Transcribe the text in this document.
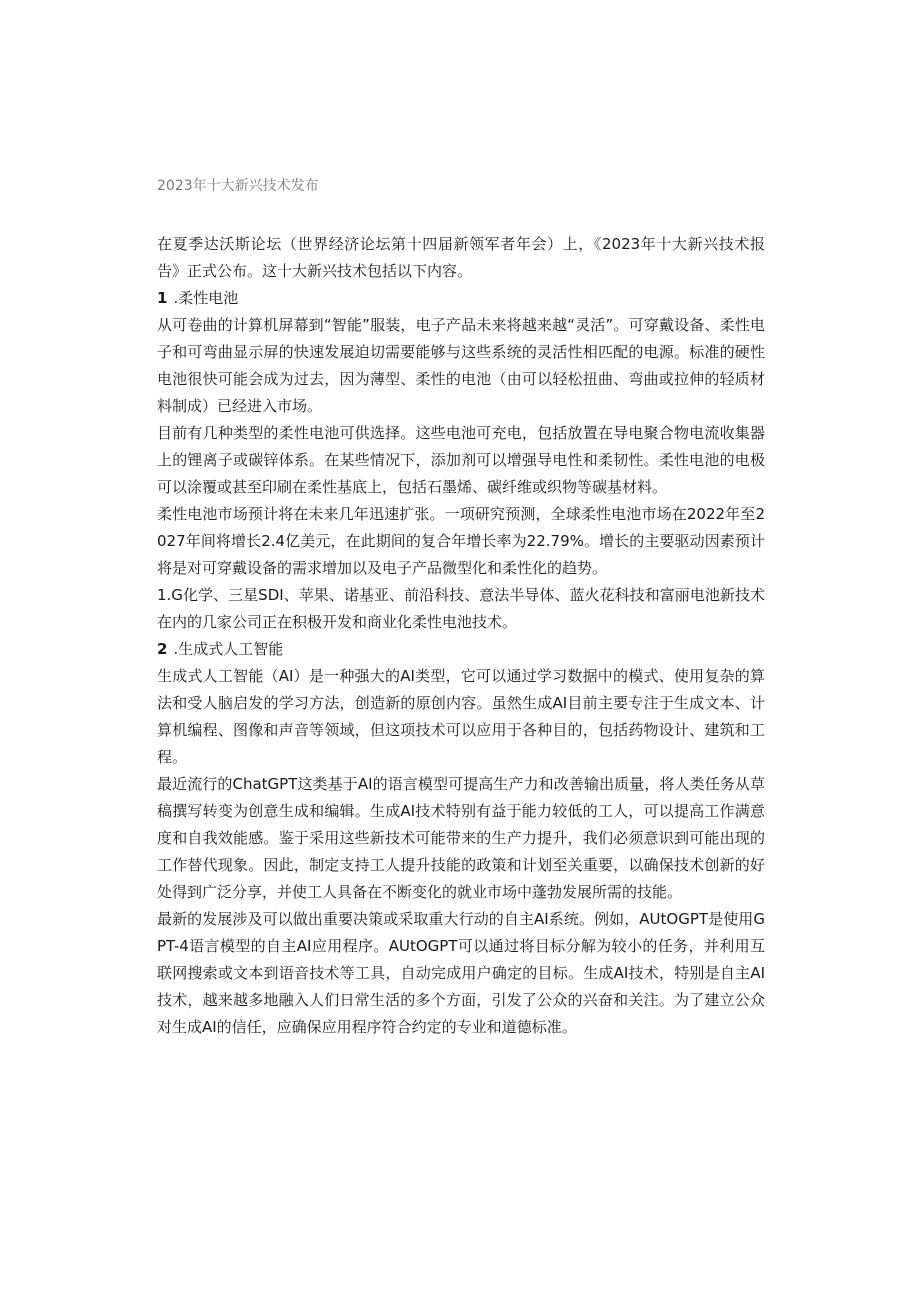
2023年十大新兴技术发布

在夏季达沃斯论坛（世界经济论坛第十四届新领军者年会）上，《2023年十大新兴技术报告》正式公布。这十大新兴技术包括以下内容。

1 .柔性电池

从可卷曲的计算机屏幕到“智能”服装，电子产品未来将越来越“灵活”。可穿戴设备、柔性电子和可弯曲显示屏的快速发展迫切需要能够与这些系统的灵活性相匹配的电源。标准的硬性电池很快可能会成为过去，因为薄型、柔性的电池（由可以轻松扭曲、弯曲或拉伸的轻质材料制成）已经进入市场。

目前有几种类型的柔性电池可供选择。这些电池可充电，包括放置在导电聚合物电流收集器上的锂离子或碳锌体系。在某些情况下，添加剂可以增强导电性和柔韧性。柔性电池的电极可以涂覆或甚至印刷在柔性基底上，包括石墨烯、碳纤维或织物等碳基材料。

柔性电池市场预计将在未来几年迅速扩张。一项研究预测，全球柔性电池市场在2022年至2027年间将增长2.4亿美元，在此期间的复合年增长率为22.79%。增长的主要驱动因素预计将是对可穿戴设备的需求增加以及电子产品微型化和柔性化的趋势。

1.G化学、三星SDI、苹果、诺基亚、前沿科技、意法半导体、蓝火花科技和富丽电池新技术在内的几家公司正在积极开发和商业化柔性电池技术。

2 .生成式人工智能

生成式人工智能（AI）是一种强大的AI类型，它可以通过学习数据中的模式、使用复杂的算法和受人脑启发的学习方法，创造新的原创内容。虽然生成AI目前主要专注于生成文本、计算机编程、图像和声音等领域，但这项技术可以应用于各种目的，包括药物设计、建筑和工程。

最近流行的ChatGPT这类基于AI的语言模型可提高生产力和改善输出质量，将人类任务从草稿撰写转变为创意生成和编辑。生成AI技术特别有益于能力较低的工人，可以提高工作满意度和自我效能感。鉴于采用这些新技术可能带来的生产力提升，我们必须意识到可能出现的工作替代现象。因此，制定支持工人提升技能的政策和计划至关重要，以确保技术创新的好处得到广泛分享，并使工人具备在不断变化的就业市场中蓬勃发展所需的技能。

最新的发展涉及可以做出重要决策或采取重大行动的自主AI系统。例如，AUtOGPT是使用GPT-4语言模型的自主AI应用程序。AUtOGPT可以通过将目标分解为较小的任务，并利用互联网搜索或文本到语音技术等工具，自动完成用户确定的目标。生成AI技术，特别是自主AI技术，越来越多地融入人们日常生活的多个方面，引发了公众的兴奋和关注。为了建立公众对生成AI的信任，应确保应用程序符合约定的专业和道德标准。
